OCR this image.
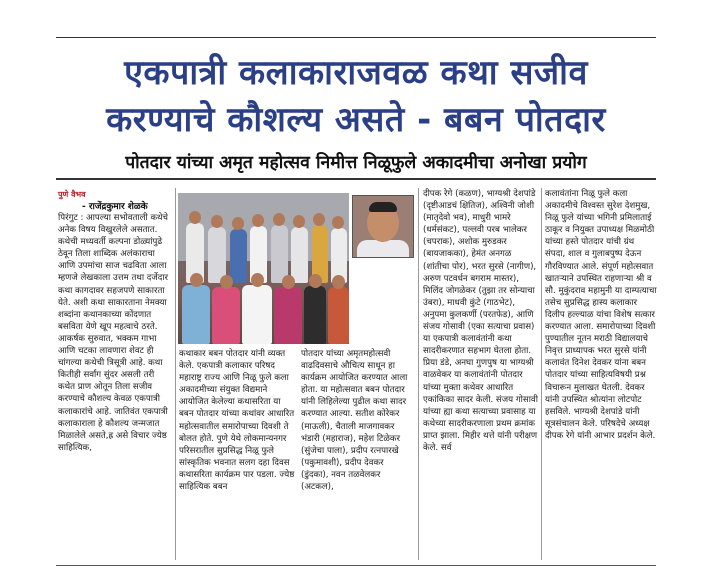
एकपात्री कलाकाराजवळ कथा सजीव
करण्याचे कौशल्य असते - बबन पोतदार
पोतदार यांच्या अमृत महोत्सव निमीत्त निळूफुले अकादमीचा अनोखा प्रयोग
पुणे वैभव
- राजेंद्रकुमार शेळके
पिरंगुट : आपल्या सभोवताली कथेचे अनेक विषय विखुरलेले असतात. कथेची मध्यवर्ती कल्पना डोळ्यांपुढे ठेवून तिला शाब्दिक अलंकाराचा आणि उपमांचा साज चढविता आला म्हणजे लेखकाला उत्तम तथा दर्जेदार कथा कागदावर सहजपणे साकारता येते. अशी कथा साकारताना नेमक्या शब्दांना कथानकाच्या कोंदणात बसविता येणे खूप महत्वाचे ठरते. आकर्षक सुरुवात, भक्कम गाभा आणि चटका लावणारा शेवट ही चांगल्या कथेची त्रिसूत्री आहे. कथा कितीही सर्वांग सुंदर असली तरी कथेत प्राण ओतून तिला सजीव करण्याचे कौशल्य केवळ एकपात्री कलाकारांचे आहे. जातिवंत एकपात्री कलाकाराला हे कौशल्य जन्मजात मिळालेले असते,ह्र असे विचार ज्येष्ठ साहित्यिक,
कथाकार बबन पोतदार यांनी व्यक्त केले. एकपात्री कलाकार परिषद महाराष्ट्र राज्य आणि निळू फुले कला अकादमीच्या संयुक्त विद्यमाने आयोजित केलेल्या कथासरिता या बबन पोतदार यांच्या कथांवर आधारित महोत्सवातील समारोपाच्या दिवशी ते बोलत होते. पुणे येथे लोकमान्यनगर परिसरातील सुप्रसिद्ध निळू फुले सांस्कृतिक भवनात सलग दहा दिवस कथासरिता कार्यक्रम पार पडला. ज्येष्ठ साहित्यिक बबन
पोतदार यांच्या अमृतमहोत्सवी वाढदिवसाचे औचित्य साधून हा कार्यक्रम आयोजित करण्यात आला होता. या महोत्सवात बबन पोतदार यांनी लिहिलेल्या पुढील कथा सादर करण्यात आल्या. सतीश कोरेकर (माऊली), चैताली माजगावकर भंडारी (महाराज), महेश टिळेकर (सुंजेचा पाला), प्रदीप रत्नपारखे (पकुमावशी), प्रदीप देवकर (डुंदका), नवन तळवेलकर (अटकल),
दीपक रेगे (कळण), भाग्यश्री देशपांडे (दृष्टीआडचं क्षितिज), अश्विनी जोशी (मातृदेवो भव), माधुरी भामरे (धर्मसंकट), पल्लवी परब भालेकर (चपराक), अशोक मुरुडकर (बायजाकका), हेमंत अनगळ (शांतीचा पोर), भरत सुरसे (नागीण), अरुण पटवर्धन बगराम मास्तर), मिलिंद जोगळेकर (तुझा तर सोन्याचा उंबरा), माधवी कुंटे (गाठभेट), अनुपमा कुलकर्णी (परतफेड), आणि संजय गोसावी (एका सत्याचा प्रवास) या एकपात्री कलावंतांनी कथा सादरीकरणात सहभाग घेतला होता. प्रिया डंडे, अनघा गुणपुष या भाग्यश्री वाळवेकर या कलावंतांनी पोतदार यांच्या मुक्ता कथेवर आधारित एकांकिका सादर केली. संजय गोसावी यांच्या ह्या कथा सत्याच्या प्रवासाह या कथेच्या सादरीकरणाला प्रथम क्रमांक प्राप्त झाला. मिहीर थत्ते यांनी परीक्षण केले. सर्व
कलावंतांना निळू फुले कला अकादमीचे विश्वस्त सुरेश देशमुख, निळू फुले यांच्या भगिनी प्रमिलाताई ठाकूर व नियुक्त उपाध्यक्ष मिळमोठी यांच्या हस्ते पोतदार यांची ग्रंथ संपदा, शाल व गुलाबपुष्प देऊन गौरविण्यात आले. संपूर्ण महोत्सवात खातऱ्याने उपस्थित राहणाऱ्या श्री व सौ. मुकुंदराव महामुनी या दाम्पत्याचा तसेच सुप्रसिद्ध हास्य कलाकार दिलीप हल्ल्याळ यांचा विशेष सत्कार करण्यात आला. समारोपाच्या दिवशी पुण्यातील नूतन मराठी विद्यालयाचे निवृत्त प्राध्यापक भरत सुरसे यांनी कलावंत दिनेश देवकर यांना बबन पोतदार यांच्या साहित्यविषयी प्रश्न विचारून मुलाखत घेतली. देवकर यांनी उपस्थित श्रोत्यांना लोटपोट हसविले. भाग्यश्री देशपांडे यांनी सूत्रसंचालन केले. परिषदेचे अध्यक्ष दीपक रेगे यांनी आभार प्रदर्शन केले.
